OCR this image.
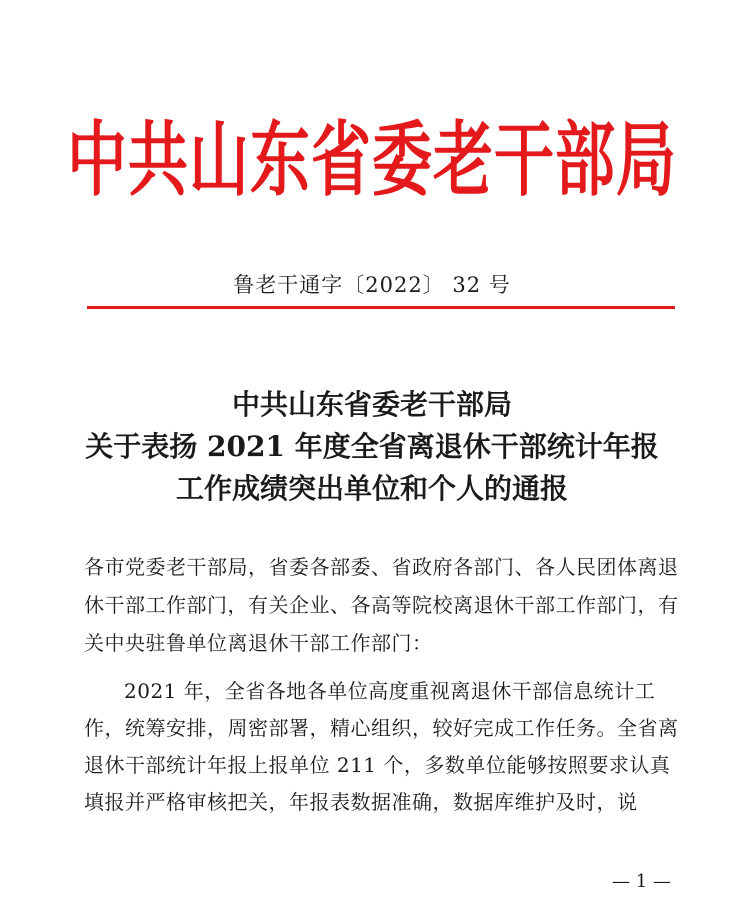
中共山东省委老干部局
鲁老干通字〔2022〕 32 号
中共山东省委老干部局
关于表扬 2021 年度全省离退休干部统计年报
工作成绩突出单位和个人的通报
各市党委老干部局，省委各部委、省政府各部门、各人民团体离退休干部工作部门，有关企业、各高等院校离退休干部工作部门，有关中央驻鲁单位离退休干部工作部门：
2021 年，全省各地各单位高度重视离退休干部信息统计工作，统筹安排，周密部署，精心组织，较好完成工作任务。全省离退休干部统计年报上报单位 211 个，多数单位能够按照要求认真填报并严格审核把关，年报表数据准确，数据库维护及时，说
— 1 —
